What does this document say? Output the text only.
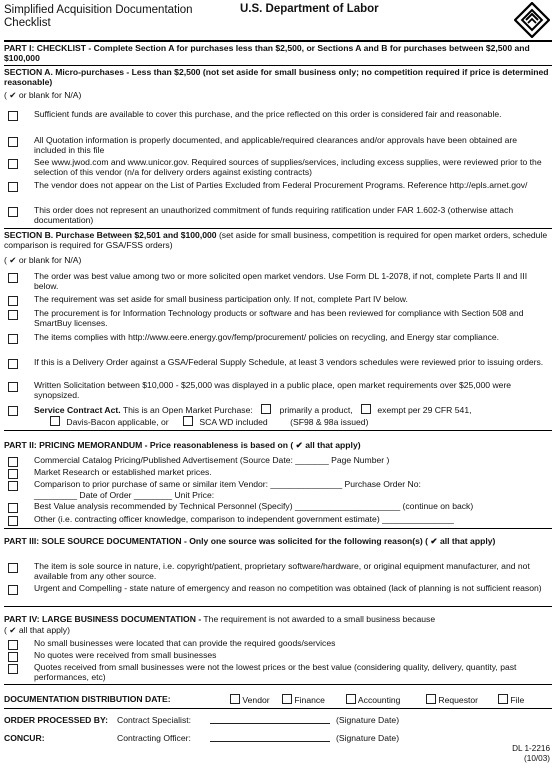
Simplified Acquisition Documentation
Checklist
U.S. Department of Labor
PART I: CHECKLIST - Complete Section A for purchases less than $2,500, or Sections A and B for purchases between $2,500 and $100,000
SECTION A. Micro-purchases - Less than $2,500 (not set aside for small business only; no competition required if price is determined reasonable)
( ✔ or blank for N/A)
Sufficient funds are available to cover this purchase, and the price reflected on this order is considered fair and reasonable.
All Quotation information is properly documented, and applicable/required clearances and/or approvals have been obtained are included in this file
See www.jwod.com and www.unicor.gov. Required sources of supplies/services, including excess supplies, were reviewed prior to the selection of this vendor (n/a for delivery orders against existing contracts)
The vendor does not appear on the List of Parties Excluded from Federal Procurement Programs. Reference http://epls.arnet.gov/
This order does not represent an unauthorized commitment of funds requiring ratification under FAR 1.602-3 (otherwise attach documentation)
SECTION B. Purchase Between $2,501 and $100,000 (set aside for small business, competition is required for open market orders, schedule comparison is required for GSA/FSS orders)
( ✔ or blank for N/A)
The order was best value among two or more solicited open market vendors. Use Form DL 1-2078, if not, complete Parts II and III below.
The requirement was set aside for small business participation only. If not, complete Part IV below.
The procurement is for Information Technology products or software and has been reviewed for compliance with Section 508 and SmartBuy licenses.
The items complies with http://www.eere.energy.gov/femp/procurement/ policies on recycling, and Energy star compliance.
If this is a Delivery Order against a GSA/Federal Supply Schedule, at least 3 vendors schedules were reviewed prior to issuing orders.
Written Solicitation between $10,000 - $25,000 was displayed in a public place, open market requirements over $25,000 were synopsized.
Service Contract Act. This is an Open Market Purchase:	primarily a product,	exempt per 29 CFR 541,
Davis-Bacon applicable, or	SCA WD included	(SF98 & 98a issued)
PART II: PRICING MEMORANDUM - Price reasonableness is based on ( ✔ all that apply)
Commercial Catalog Pricing/Published Advertisement (Source Date: _______ Page Number )
Market Research or established market prices.
Comparison to prior purchase of same or similar item Vendor: _______________ Purchase Order No:
_________ Date of Order ________ Unit Price:
Best Value analysis recommended by Technical Personnel (Specify) ______________________ (continue on back)
Other (i.e. contracting officer knowledge, comparison to independent government estimate) _______________
PART III: SOLE SOURCE DOCUMENTATION - Only one source was solicited for the following reason(s) ( ✔ all that apply)
The item is sole source in nature, i.e. copyright/patient, proprietary software/hardware, or original equipment manufacturer, and not available from any other source.
Urgent and Compelling - state nature of emergency and reason no competition was obtained (lack of planning is not sufficient reason)
PART IV: LARGE BUSINESS DOCUMENTATION - The requirement is not awarded to a small business because
( ✔ all that apply)
No small businesses were located that can provide the required goods/services
No quotes were received from small businesses
Quotes received from small businesses were not the lowest prices or the best value (considering quality, delivery, quantity, past performances, etc)
DOCUMENTATION DISTRIBUTION DATE:	Vendor	Finance	Accounting	Requestor	File
ORDER PROCESSED BY: Contract Specialist:	(Signature Date)
CONCUR:	Contracting Officer:	(Signature Date)
DL 1-2216
(10/03)
